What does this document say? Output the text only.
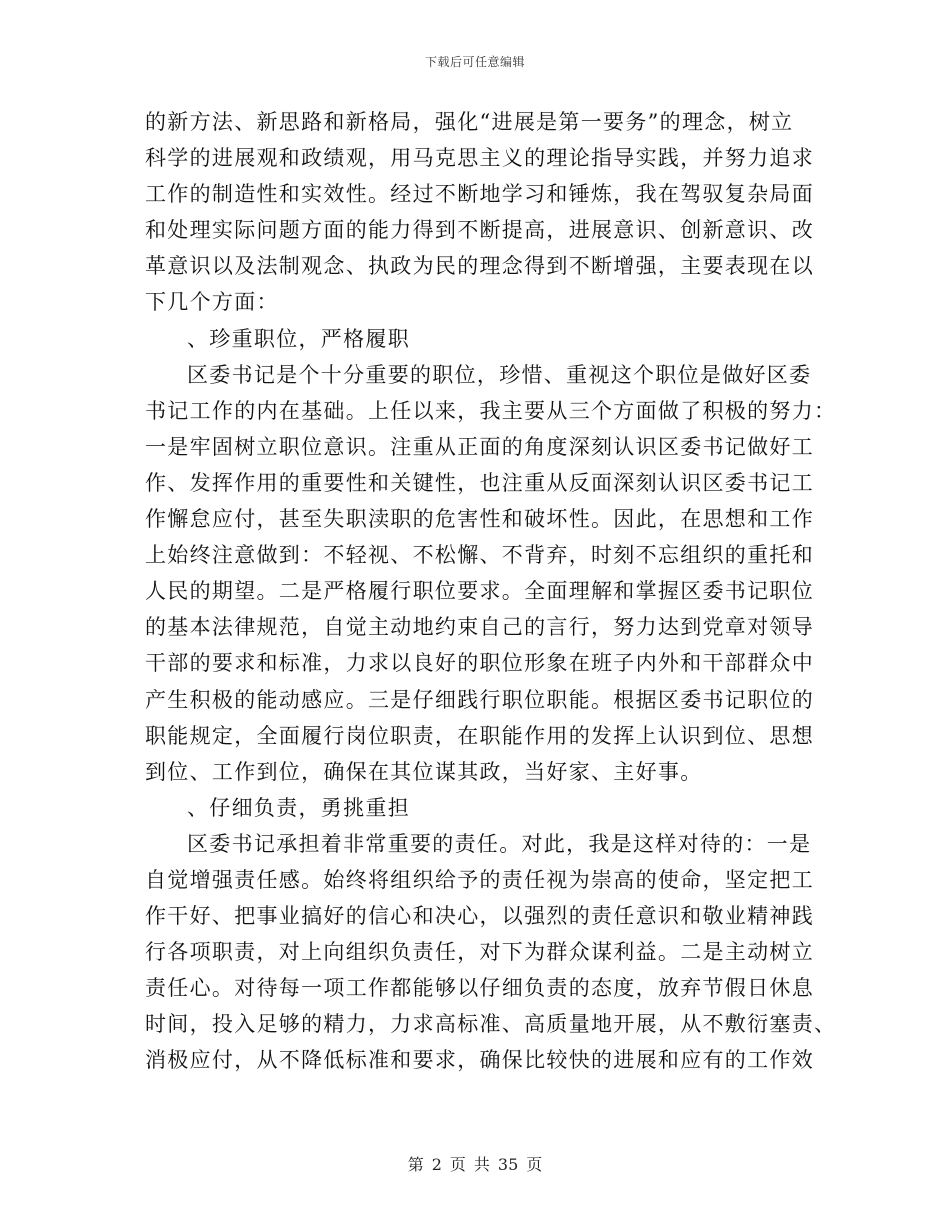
下载后可任意编辑
的新方法、新思路和新格局，强化“进展是第一要务”的理念，树立
科学的进展观和政绩观，用马克思主义的理论指导实践，并努力追求
工作的制造性和实效性。经过不断地学习和锤炼，我在驾驭复杂局面
和处理实际问题方面的能力得到不断提高，进展意识、创新意识、改
革意识以及法制观念、执政为民的理念得到不断增强，主要表现在以
下几个方面：
、珍重职位，严格履职
区委书记是个十分重要的职位，珍惜、重视这个职位是做好区委
书记工作的内在基础。上任以来，我主要从三个方面做了积极的努力：
一是牢固树立职位意识。注重从正面的角度深刻认识区委书记做好工
作、发挥作用的重要性和关键性，也注重从反面深刻认识区委书记工
作懈怠应付，甚至失职渎职的危害性和破坏性。因此，在思想和工作
上始终注意做到：不轻视、不松懈、不背弃，时刻不忘组织的重托和
人民的期望。二是严格履行职位要求。全面理解和掌握区委书记职位
的基本法律规范，自觉主动地约束自己的言行，努力达到党章对领导
干部的要求和标准，力求以良好的职位形象在班子内外和干部群众中
产生积极的能动感应。三是仔细践行职位职能。根据区委书记职位的
职能规定，全面履行岗位职责，在职能作用的发挥上认识到位、思想
到位、工作到位，确保在其位谋其政，当好家、主好事。
、仔细负责，勇挑重担
区委书记承担着非常重要的责任。对此，我是这样对待的：一是
自觉增强责任感。始终将组织给予的责任视为崇高的使命，坚定把工
作干好、把事业搞好的信心和决心，以强烈的责任意识和敬业精神践
行各项职责，对上向组织负责任，对下为群众谋利益。二是主动树立
责任心。对待每一项工作都能够以仔细负责的态度，放弃节假日休息
时间，投入足够的精力，力求高标准、高质量地开展，从不敷衍塞责、
消极应付，从不降低标准和要求，确保比较快的进展和应有的工作效
第 2 页 共 35 页
